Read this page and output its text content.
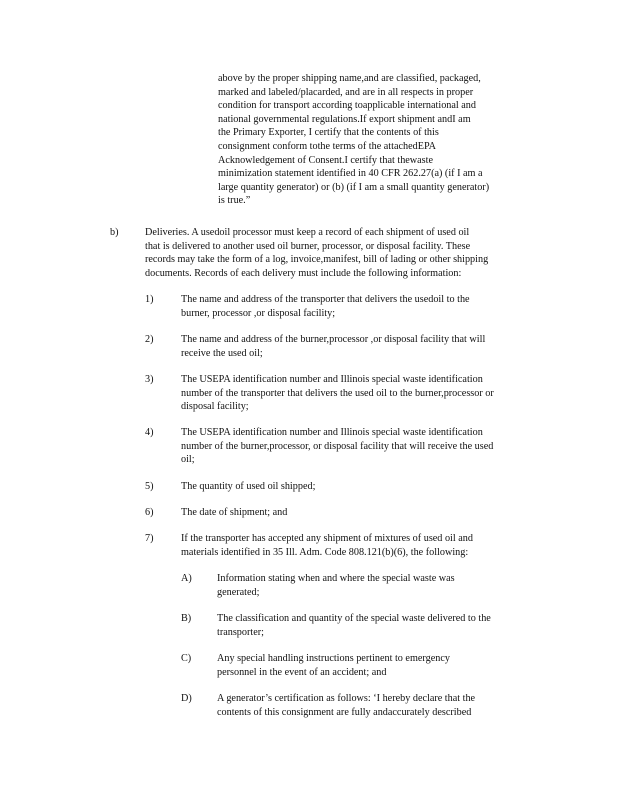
above by the proper shipping name,and are classified, packaged,
marked and labeled/placarded, and are in all respects in proper
condition for transport according toapplicable international and
national governmental regulations.If export shipment andI am
the Primary Exporter, I certify that the contents of this
consignment conform tothe terms of the attachedEPA
Acknowledgement of Consent.I certify that thewaste
minimization statement identified in 40 CFR 262.27(a) (if I am a
large quantity generator) or (b) (if I am a small quantity generator)
is true.”
b)	Deliveries. A usedoil processor must keep a record of each shipment of used oil
that is delivered to another used oil burner, processor, or disposal facility. These
records may take the form of a log, invoice,manifest, bill of lading or other shipping
documents. Records of each delivery must include the following information:
1)	The name and address of the transporter that delivers the usedoil to the
burner, processor ,or disposal facility;
2)	The name and address of the burner,processor ,or disposal facility that will
receive the used oil;
3)	The USEPA identification number and Illinois special waste identification
number of the transporter that delivers the used oil to the burner,processor or
disposal facility;
4)	The USEPA identification number and Illinois special waste identification
number of the burner,processor, or disposal facility that will receive the used
oil;
5)	The quantity of used oil shipped;
6)	The date of shipment; and
7)	If the transporter has accepted any shipment of mixtures of used oil and
materials identified in 35 Ill. Adm. Code 808.121(b)(6), the following:
A) Information stating when and where the special waste was
generated;
B)	The classification and quantity of the special waste delivered to the
transporter;
C)	Any special handling instructions pertinent to emergency
personnel in the event of an accident; and
D) A generator’s certification as follows: ‘I hereby declare that the
contents of this consignment are fully andaccurately described
